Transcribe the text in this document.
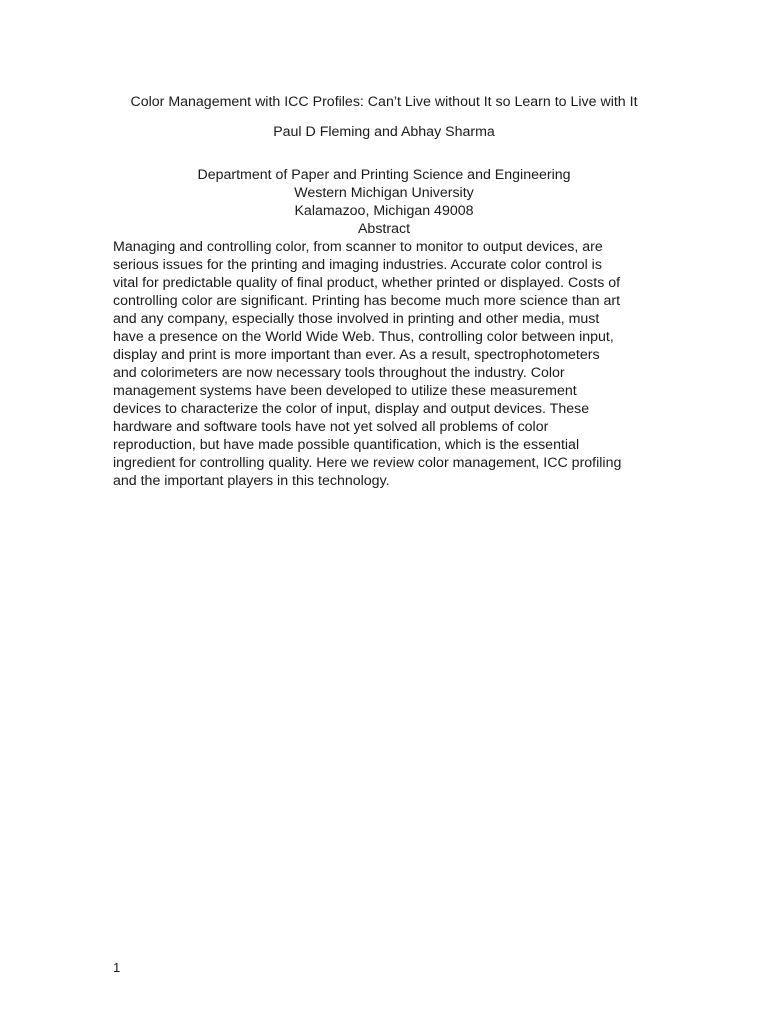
Color Management with ICC Profiles: Can’t Live without It so Learn to Live with It
Paul D Fleming and Abhay Sharma
Department of Paper and Printing Science and Engineering
Western Michigan University
Kalamazoo, Michigan 49008
Abstract
Managing and controlling color, from scanner to monitor to output devices, are
serious issues for the printing and imaging industries. Accurate color control is
vital for predictable quality of final product, whether printed or displayed. Costs of
controlling color are significant. Printing has become much more science than art
and any company, especially those involved in printing and other media, must
have a presence on the World Wide Web. Thus, controlling color between input,
display and print is more important than ever. As a result, spectrophotometers
and colorimeters are now necessary tools throughout the industry. Color
management systems have been developed to utilize these measurement
devices to characterize the color of input, display and output devices. These
hardware and software tools have not yet solved all problems of color
reproduction, but have made possible quantification, which is the essential
ingredient for controlling quality. Here we review color management, ICC profiling
and the important players in this technology.
1
